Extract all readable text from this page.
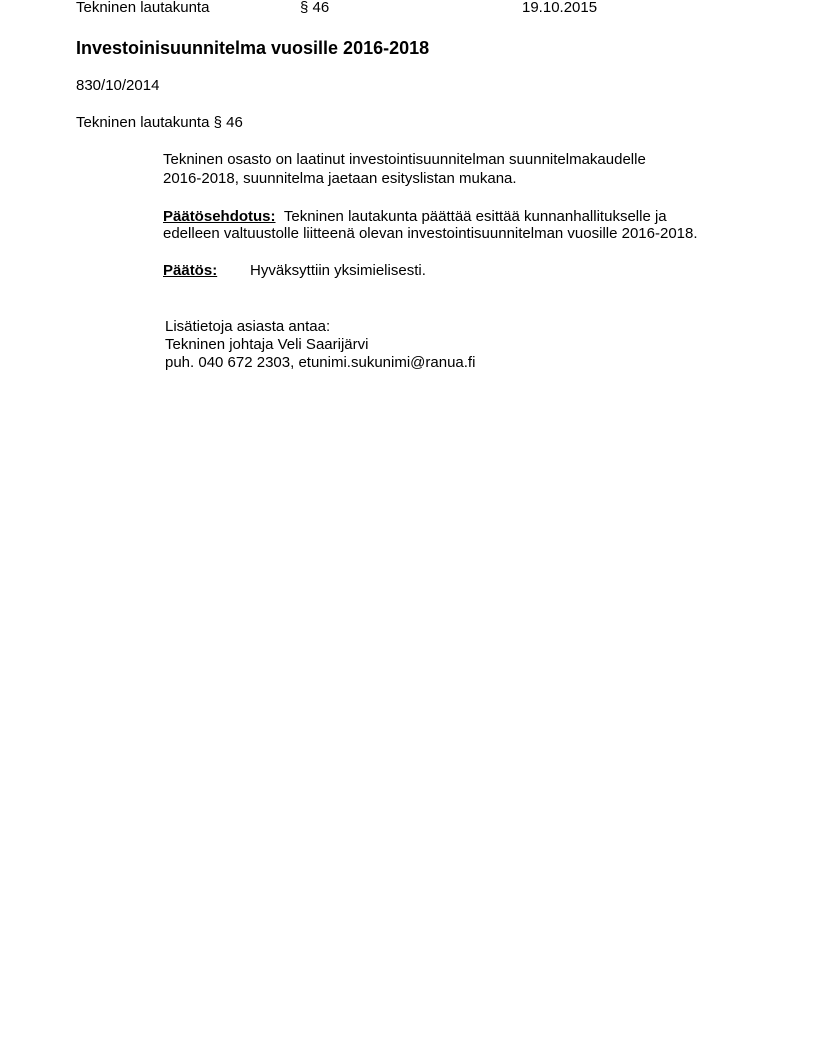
Tekninen lautakunta	§ 46	19.10.2015
Investoinisuunnitelma vuosille 2016-2018
830/10/2014
Tekninen lautakunta § 46
Tekninen osasto on laatinut investointisuunnitelman suunnitelmakaudelle
2016-2018, suunnitelma jaetaan esityslistan mukana.
Päätösehdotus: Tekninen lautakunta päättää esittää kunnanhallitukselle ja
edelleen valtuustolle liitteenä olevan investointisuunnitelman vuosille 2016-2018.
Päätös: Hyväksyttiin yksimielisesti.
Lisätietoja asiasta antaa:
Tekninen johtaja Veli Saarijärvi
puh. 040 672 2303, etunimi.sukunimi@ranua.fi
